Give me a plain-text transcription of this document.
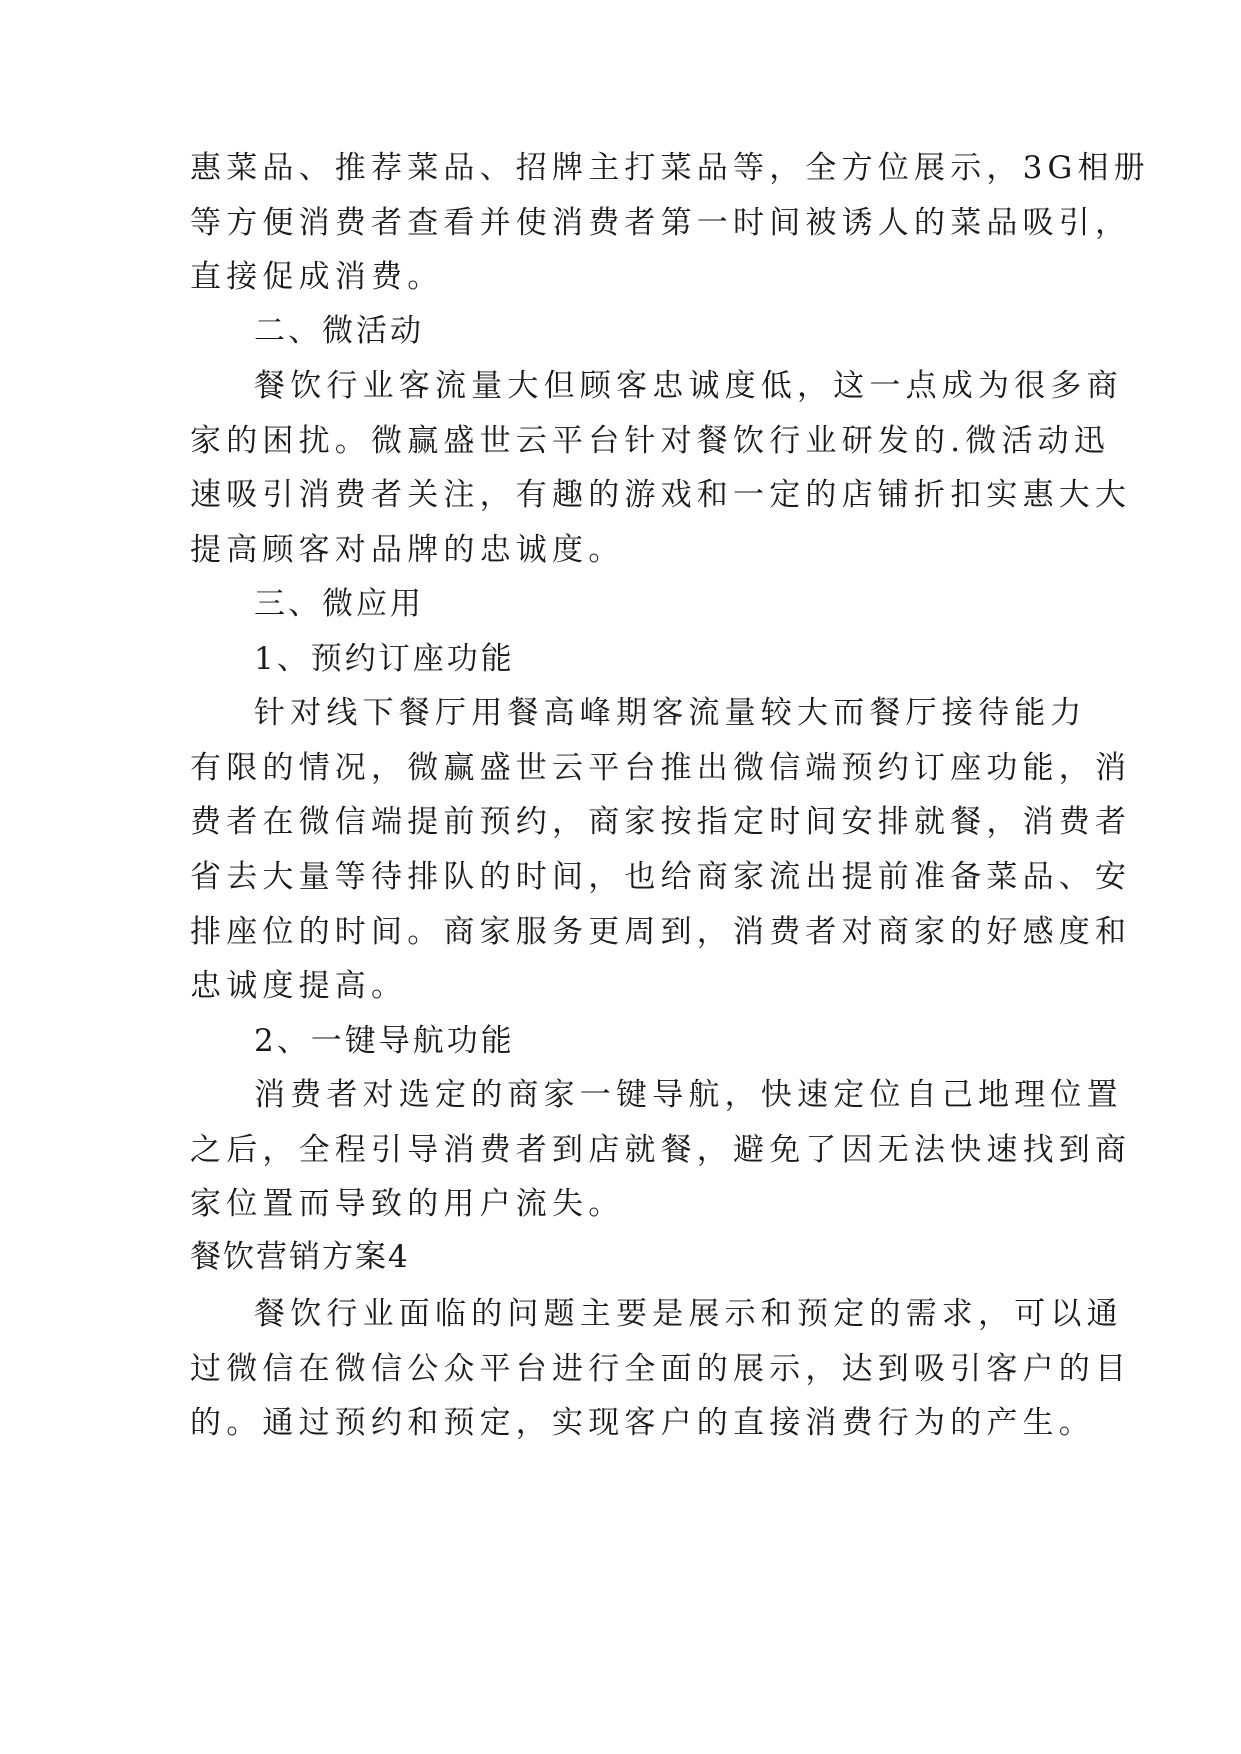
惠菜品、推荐菜品、招牌主打菜品等，全方位展示，3G相册
等方便消费者查看并使消费者第一时间被诱人的菜品吸引，
直接促成消费。
二、微活动
餐饮行业客流量大但顾客忠诚度低，这一点成为很多商
家的困扰。微赢盛世云平台针对餐饮行业研发的.微活动迅
速吸引消费者关注，有趣的游戏和一定的店铺折扣实惠大大
提高顾客对品牌的忠诚度。
三、微应用
1、预约订座功能
针对线下餐厅用餐高峰期客流量较大而餐厅接待能力
有限的情况，微赢盛世云平台推出微信端预约订座功能，消
费者在微信端提前预约，商家按指定时间安排就餐，消费者
省去大量等待排队的时间，也给商家流出提前准备菜品、安
排座位的时间。商家服务更周到，消费者对商家的好感度和
忠诚度提高。
2、一键导航功能
消费者对选定的商家一键导航，快速定位自己地理位置
之后，全程引导消费者到店就餐，避免了因无法快速找到商
家位置而导致的用户流失。
餐饮营销方案4
餐饮行业面临的问题主要是展示和预定的需求，可以通
过微信在微信公众平台进行全面的展示，达到吸引客户的目
的。通过预约和预定，实现客户的直接消费行为的产生。
